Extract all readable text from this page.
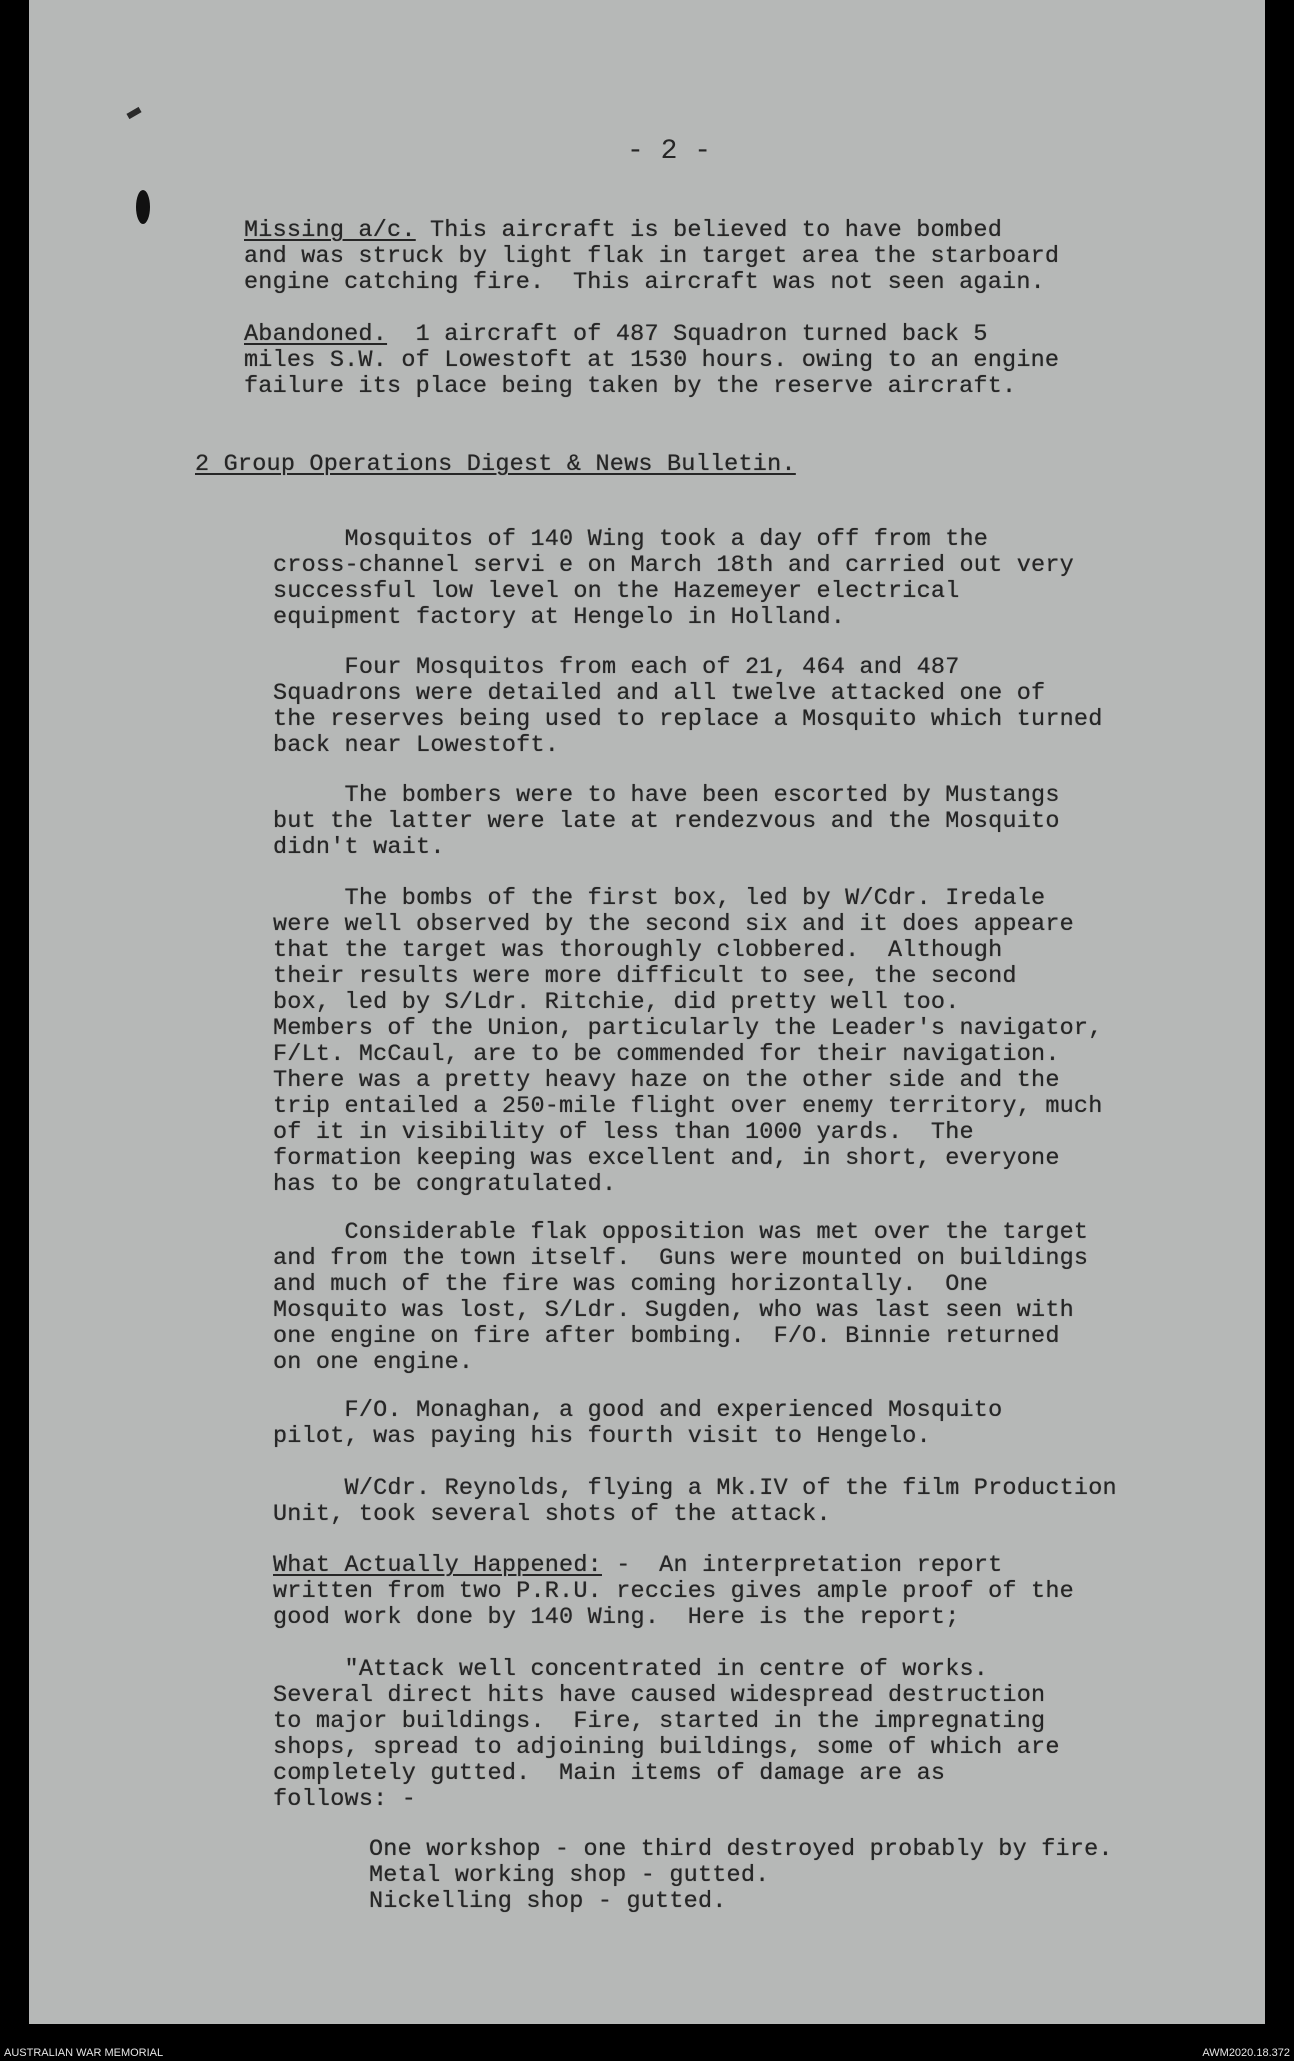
- 2 -
Missing a/c. This aircraft is believed to have bombed
and was struck by light flak in target area the starboard
engine catching fire.  This aircraft was not seen again.
Abandoned.  1 aircraft of 487 Squadron turned back 5
miles S.W. of Lowestoft at 1530 hours. owing to an engine
failure its place being taken by the reserve aircraft.
2 Group Operations Digest & News Bulletin.
Mosquitos of 140 Wing took a day off from the
cross-channel servi e on March 18th and carried out very
successful low level on the Hazemeyer electrical
equipment factory at Hengelo in Holland.
Four Mosquitos from each of 21, 464 and 487
Squadrons were detailed and all twelve attacked one of
the reserves being used to replace a Mosquito which turned
back near Lowestoft.
The bombers were to have been escorted by Mustangs
but the latter were late at rendezvous and the Mosquito
didn't wait.
The bombs of the first box, led by W/Cdr. Iredale
were well observed by the second six and it does appeare
that the target was thoroughly clobbered.  Although
their results were more difficult to see, the second
box, led by S/Ldr. Ritchie, did pretty well too.
Members of the Union, particularly the Leader's navigator,
F/Lt. McCaul, are to be commended for their navigation.
There was a pretty heavy haze on the other side and the
trip entailed a 250-mile flight over enemy territory, much
of it in visibility of less than 1000 yards.  The
formation keeping was excellent and, in short, everyone
has to be congratulated.
Considerable flak opposition was met over the target
and from the town itself.  Guns were mounted on buildings
and much of the fire was coming horizontally.  One
Mosquito was lost, S/Ldr. Sugden, who was last seen with
one engine on fire after bombing.  F/O. Binnie returned
on one engine.
F/O. Monaghan, a good and experienced Mosquito
pilot, was paying his fourth visit to Hengelo.
W/Cdr. Reynolds, flying a Mk.IV of the film Production
Unit, took several shots of the attack.
What Actually Happened: -  An interpretation report
written from two P.R.U. reccies gives ample proof of the
good work done by 140 Wing.  Here is the report;
"Attack well concentrated in centre of works.
Several direct hits have caused widespread destruction
to major buildings.  Fire, started in the impregnating
shops, spread to adjoining buildings, some of which are
completely gutted.  Main items of damage are as
follows: -
One workshop - one third destroyed probably by fire.
Metal working shop - gutted.
Nickelling shop - gutted.
AUSTRALIAN WAR MEMORIAL	AWM2020.18.372
